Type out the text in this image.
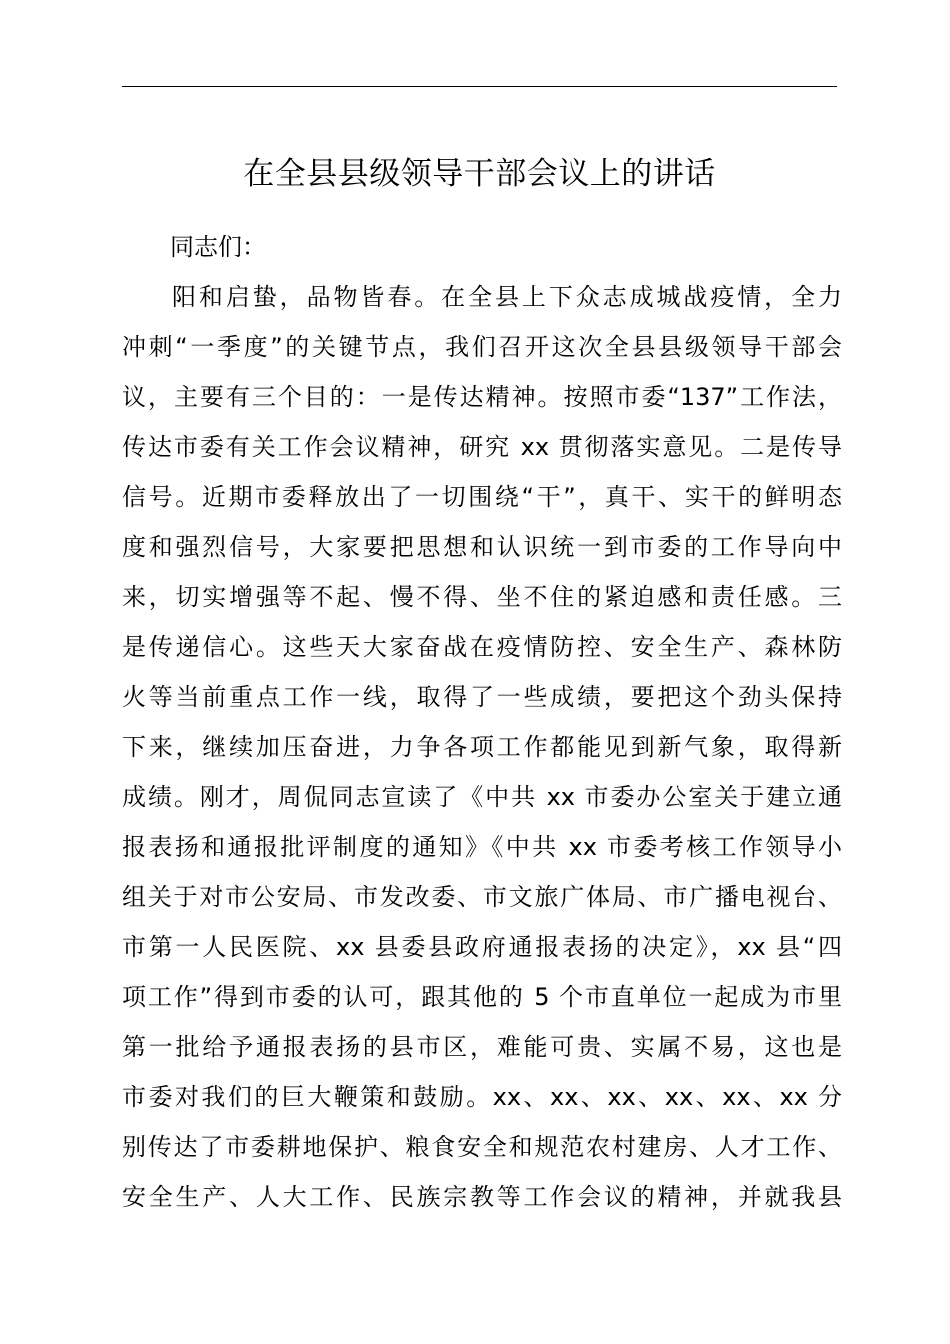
在全县县级领导干部会议上的讲话

同志们：

阳和启蛰，品物皆春。在全县上下众志成城战疫情，全力
冲刺“一季度”的关键节点，我们召开这次全县县级领导干部会
议，主要有三个目的：一是传达精神。按照市委“137”工作法，
传达市委有关工作会议精神，研究 xx 贯彻落实意见。二是传导
信号。近期市委释放出了一切围绕“干”，真干、实干的鲜明态
度和强烈信号，大家要把思想和认识统一到市委的工作导向中
来，切实增强等不起、慢不得、坐不住的紧迫感和责任感。三
是传递信心。这些天大家奋战在疫情防控、安全生产、森林防
火等当前重点工作一线，取得了一些成绩，要把这个劲头保持
下来，继续加压奋进，力争各项工作都能见到新气象，取得新
成绩。刚才，周侃同志宣读了《中共 xx 市委办公室关于建立通
报表扬和通报批评制度的通知》《中共 xx 市委考核工作领导小
组关于对市公安局、市发改委、市文旅广体局、市广播电视台、
市第一人民医院、xx 县委县政府通报表扬的决定》，xx 县“四
项工作”得到市委的认可，跟其他的 5 个市直单位一起成为市里
第一批给予通报表扬的县市区，难能可贵、实属不易，这也是
市委对我们的巨大鞭策和鼓励。xx、xx、xx、xx、xx、xx 分
别传达了市委耕地保护、粮食安全和规范农村建房、人才工作、
安全生产、人大工作、民族宗教等工作会议的精神，并就我县
